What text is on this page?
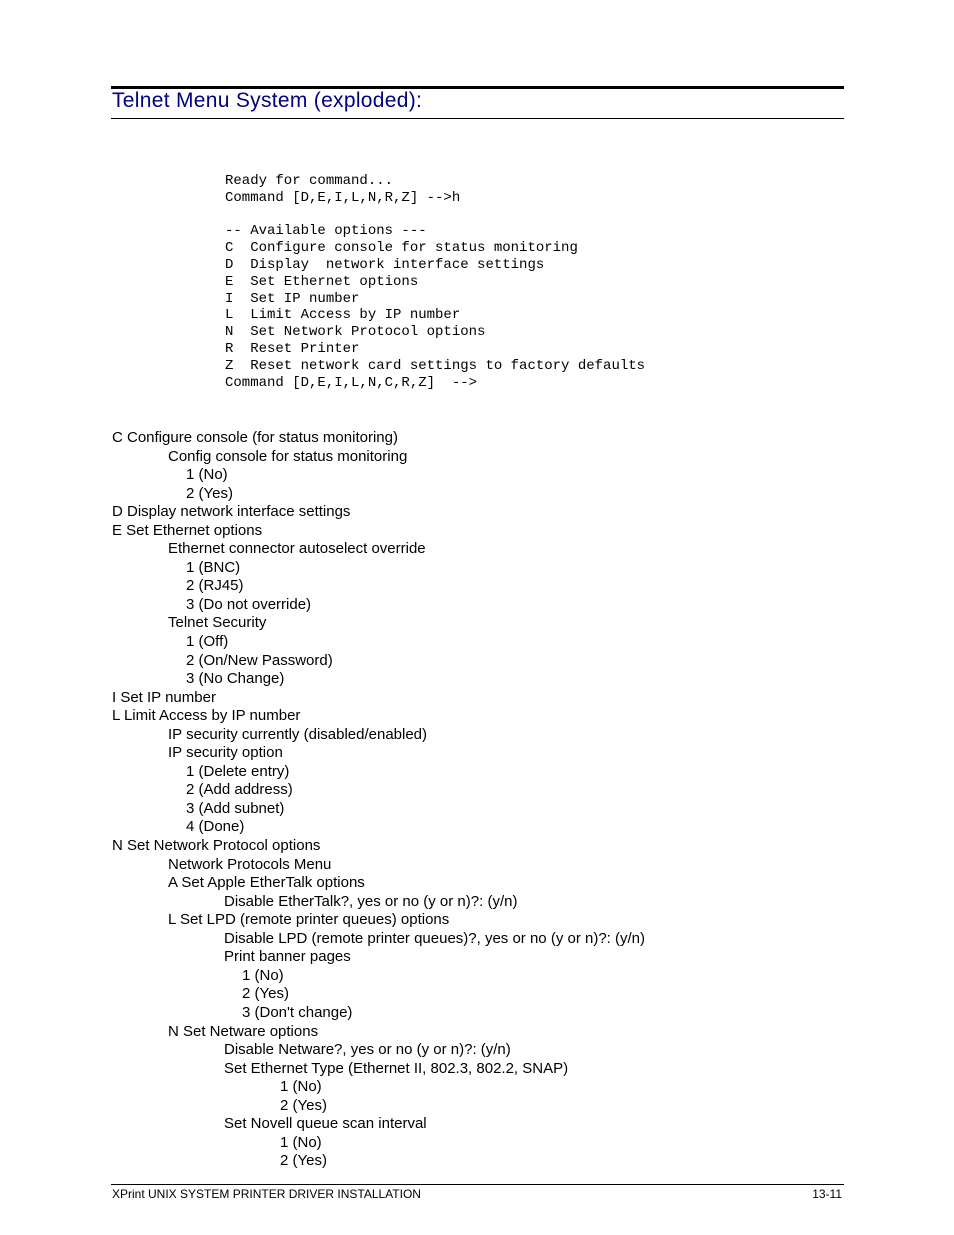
Telnet Menu System (exploded):
Ready for command...
Command [D,E,I,L,N,R,Z] -->h
-- Available options ---
C  Configure console for status monitoring
D  Display  network interface settings
E  Set Ethernet options
I  Set IP number
L  Limit Access by IP number
N  Set Network Protocol options
R  Reset Printer
Z  Reset network card settings to factory defaults
Command [D,E,I,L,N,C,R,Z]  -->
C Configure console (for status monitoring)
Config console for status monitoring
1 (No)
2 (Yes)
D Display network interface settings
E Set Ethernet options
Ethernet connector autoselect override
1 (BNC)
2 (RJ45)
3 (Do not override)
Telnet Security
1 (Off)
2 (On/New Password)
3 (No Change)
I Set IP number
L Limit Access by IP number
IP security currently (disabled/enabled)
IP security option
1 (Delete entry)
2 (Add address)
3 (Add subnet)
4 (Done)
N Set Network Protocol options
Network Protocols Menu
A Set Apple EtherTalk options
Disable EtherTalk?, yes or no (y or n)?: (y/n)
L Set LPD (remote printer queues) options
Disable LPD (remote printer queues)?, yes or no (y or n)?: (y/n)
Print banner pages
1 (No)
2 (Yes)
3 (Don't change)
N Set Netware options
Disable Netware?, yes or no (y or n)?: (y/n)
Set Ethernet Type (Ethernet II, 802.3, 802.2, SNAP)
1 (No)
2 (Yes)
Set Novell queue scan interval
1 (No)
2 (Yes)
XPrint UNIX SYSTEM PRINTER DRIVER INSTALLATION	13-11
